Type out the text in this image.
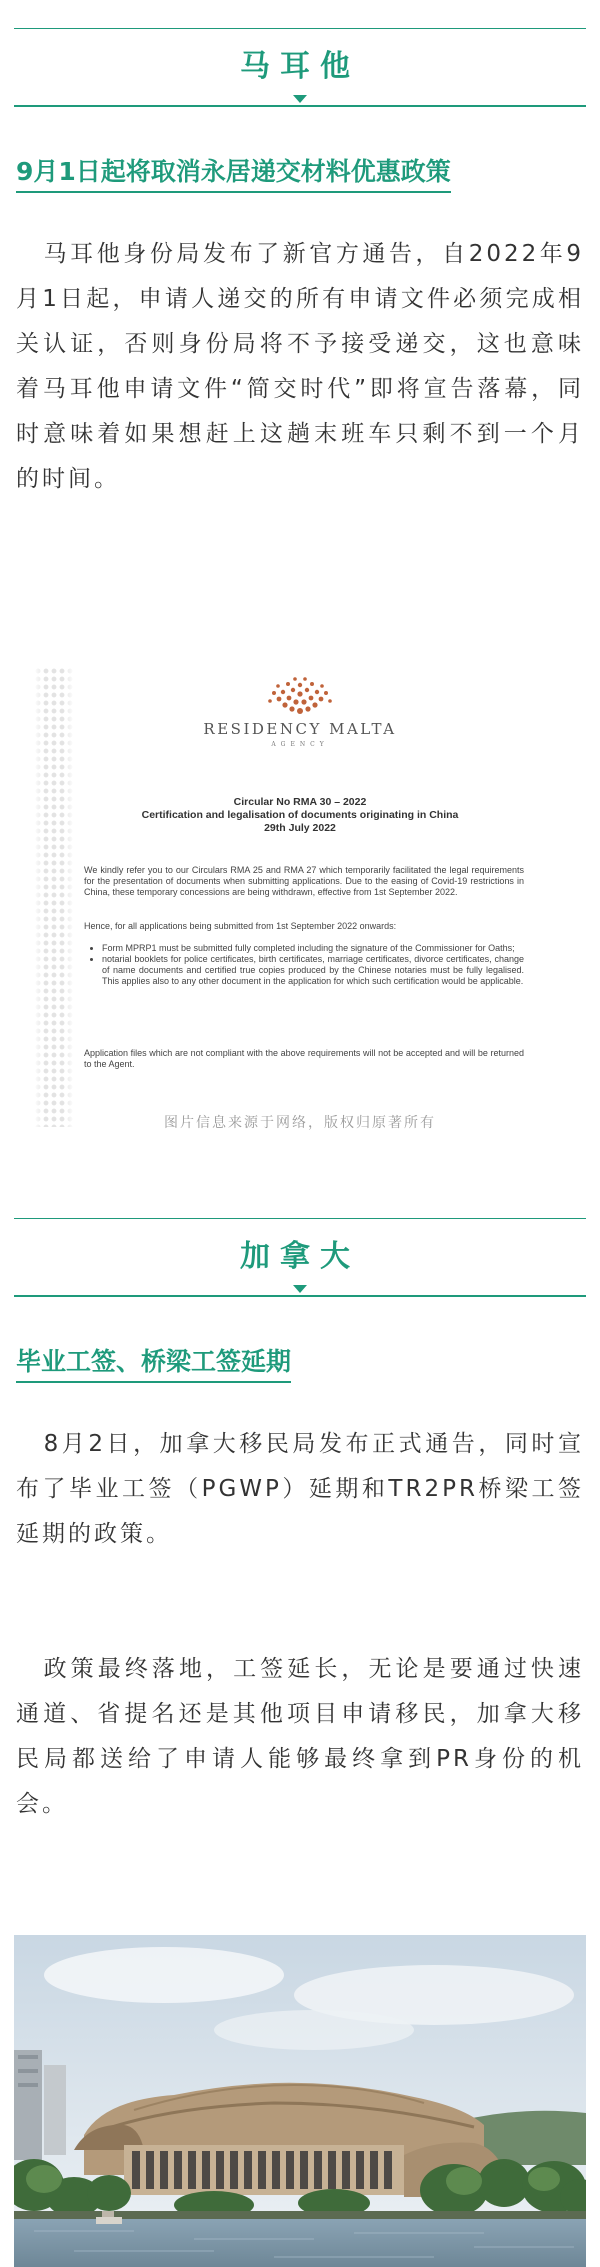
马耳他
9月1日起将取消永居递交材料优惠政策
马耳他身份局发布了新官方通告，自2022年9月1日起，申请人递交的所有申请文件必须完成相关认证，否则身份局将不予接受递交，这也意味着马耳他申请文件“简交时代”即将宣告落幕，同时意味着如果想赶上这趟末班车只剩不到一个月的时间。
RESIDENCY MALTA
AGENCY
Circular No RMA 30 – 2022
Certification and legalisation of documents originating in China
29th July 2022
We kindly refer you to our Circulars RMA 25 and RMA 27 which temporarily facilitated the legal requirements for the presentation of documents when submitting applications. Due to the easing of Covid-19 restrictions in China, these temporary concessions are being withdrawn, effective from 1st September 2022.
Hence, for all applications being submitted from 1st September 2022 onwards:
• Form MPRP1 must be submitted fully completed including the signature of the Commissioner for Oaths;
• notarial booklets for police certificates, birth certificates, marriage certificates, divorce certificates, change of name documents and certified true copies produced by the Chinese notaries must be fully legalised. This applies also to any other document in the application for which such certification would be applicable.
Application files which are not compliant with the above requirements will not be accepted and will be returned to the Agent.
图片信息来源于网络，版权归原著所有
加拿大
毕业工签、桥梁工签延期
8月2日，加拿大移民局发布正式通告，同时宣布了毕业工签（PGWP）延期和TR2PR桥梁工签延期的政策。
政策最终落地，工签延长，无论是要通过快速通道、省提名还是其他项目申请移民，加拿大移民局都送给了申请人能够最终拿到PR身份的机会。
